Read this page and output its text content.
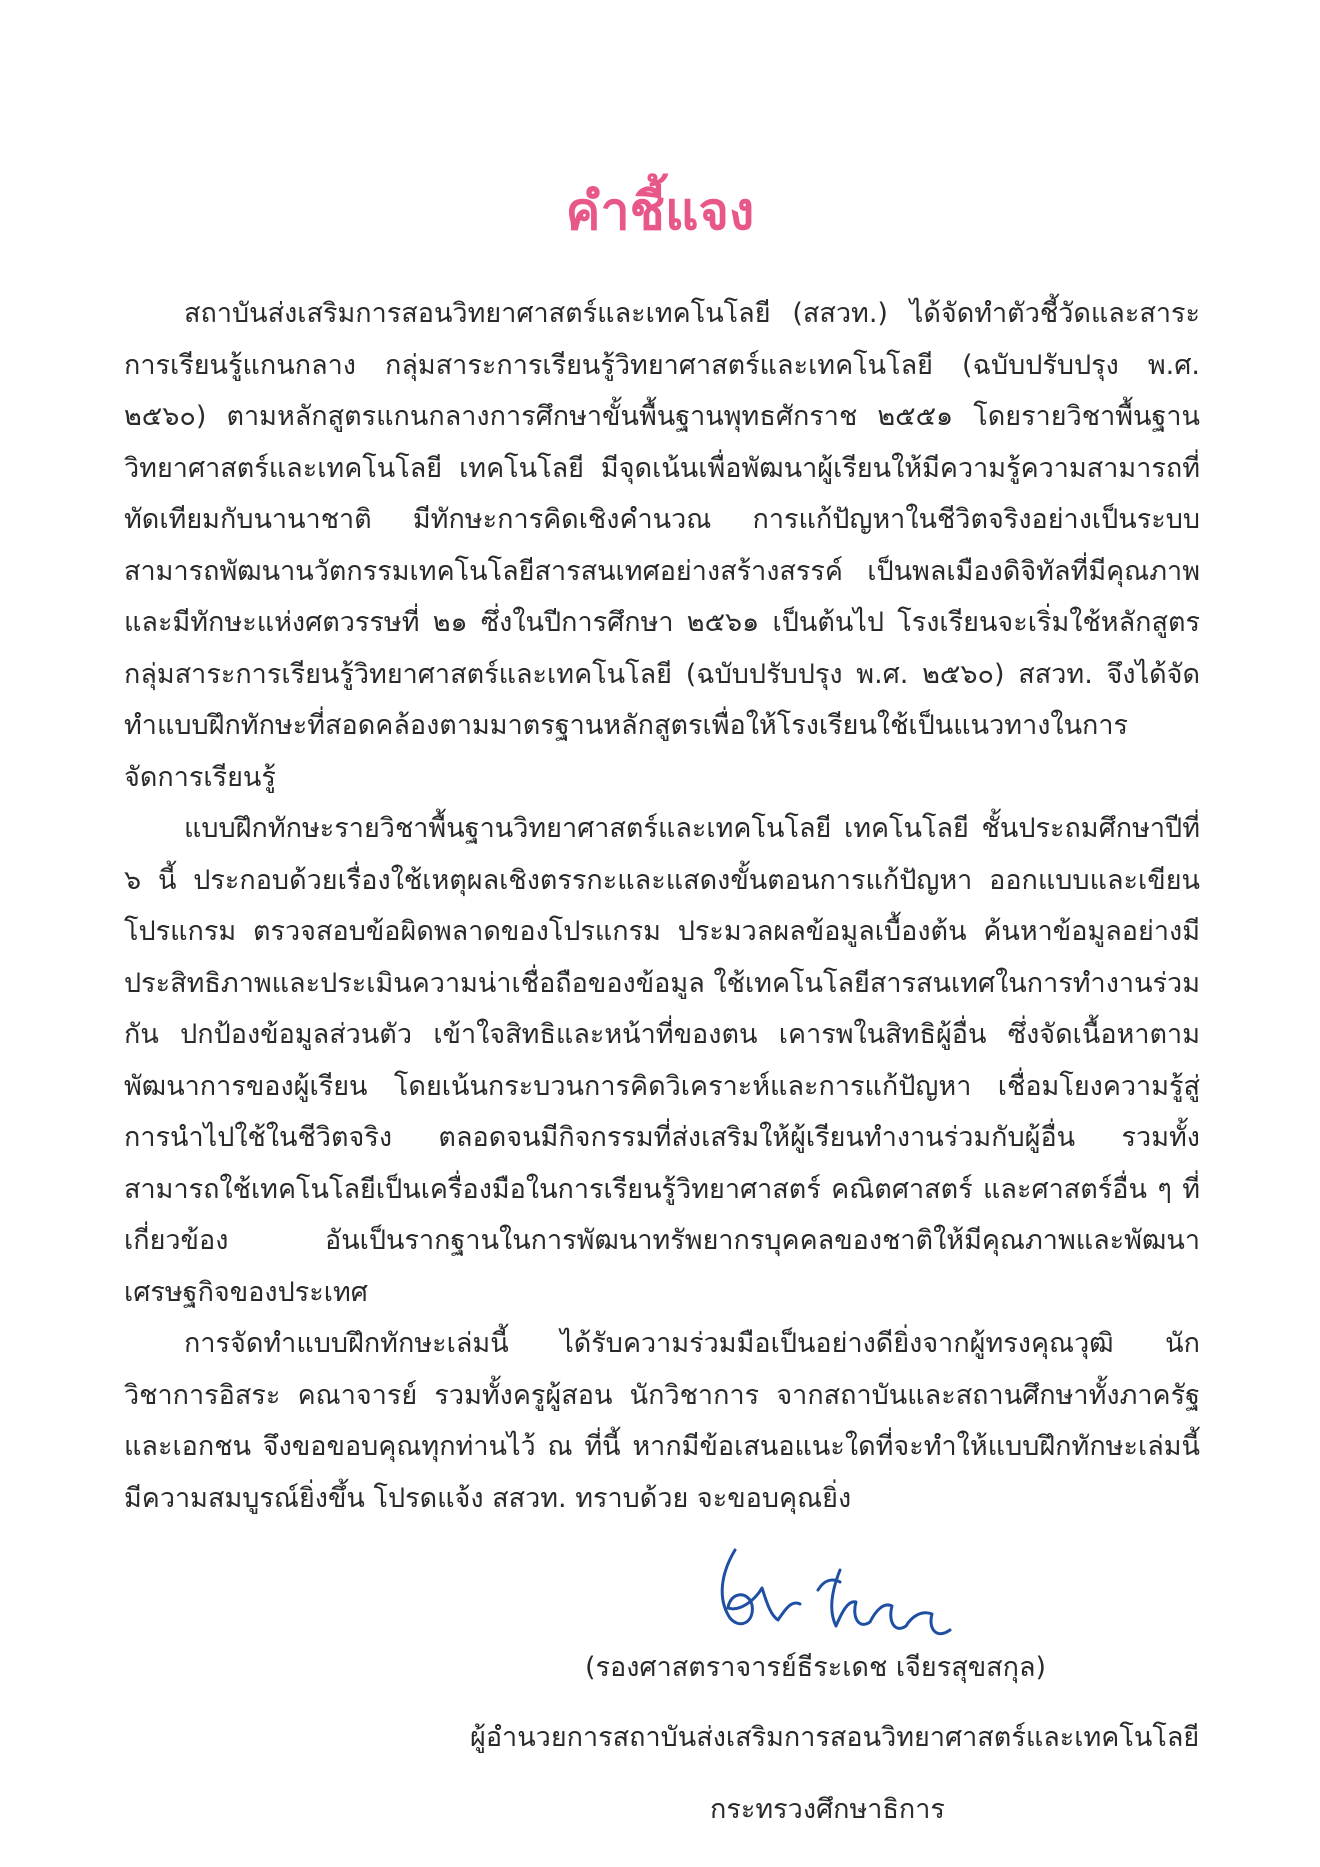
คำชี้แจง

สถาบันส่งเสริมการสอนวิทยาศาสตร์และเทคโนโลยี (สสวท.) ได้จัดทำตัวชี้วัดและสาระการเรียนรู้แกนกลาง กลุ่มสาระการเรียนรู้วิทยาศาสตร์และเทคโนโลยี (ฉบับปรับปรุง พ.ศ. ๒๕๖๐) ตามหลักสูตรแกนกลางการศึกษาขั้นพื้นฐานพุทธศักราช ๒๕๕๑ โดยรายวิชาพื้นฐานวิทยาศาสตร์และเทคโนโลยี เทคโนโลยี มีจุดเน้นเพื่อพัฒนาผู้เรียนให้มีความรู้ความสามารถที่ทัดเทียมกับนานาชาติ มีทักษะการคิดเชิงคำนวณ การแก้ปัญหาในชีวิตจริงอย่างเป็นระบบ สามารถพัฒนานวัตกรรมเทคโนโลยีสารสนเทศอย่างสร้างสรรค์ เป็นพลเมืองดิจิทัลที่มีคุณภาพและมีทักษะแห่งศตวรรษที่ ๒๑ ซึ่งในปีการศึกษา ๒๕๖๑ เป็นต้นไป โรงเรียนจะเริ่มใช้หลักสูตรกลุ่มสาระการเรียนรู้วิทยาศาสตร์และเทคโนโลยี (ฉบับปรับปรุง พ.ศ. ๒๕๖๐) สสวท. จึงได้จัดทำแบบฝึกทักษะที่สอดคล้องตามมาตรฐานหลักสูตรเพื่อให้โรงเรียนใช้เป็นแนวทางในการจัดการเรียนรู้

แบบฝึกทักษะรายวิชาพื้นฐานวิทยาศาสตร์และเทคโนโลยี เทคโนโลยี ชั้นประถมศึกษาปีที่ ๖ นี้ ประกอบด้วยเรื่องใช้เหตุผลเชิงตรรกะและแสดงขั้นตอนการแก้ปัญหา ออกแบบและเขียนโปรแกรม ตรวจสอบข้อผิดพลาดของโปรแกรม ประมวลผลข้อมูลเบื้องต้น ค้นหาข้อมูลอย่างมีประสิทธิภาพและประเมินความน่าเชื่อถือของข้อมูล ใช้เทคโนโลยีสารสนเทศในการทำงานร่วมกัน ปกป้องข้อมูลส่วนตัว เข้าใจสิทธิและหน้าที่ของตน เคารพในสิทธิผู้อื่น ซึ่งจัดเนื้อหาตามพัฒนาการของผู้เรียน โดยเน้นกระบวนการคิดวิเคราะห์และการแก้ปัญหา เชื่อมโยงความรู้สู่การนำไปใช้ในชีวิตจริง ตลอดจนมีกิจกรรมที่ส่งเสริมให้ผู้เรียนทำงานร่วมกับผู้อื่น รวมทั้งสามารถใช้เทคโนโลยีเป็นเครื่องมือในการเรียนรู้วิทยาศาสตร์ คณิตศาสตร์ และศาสตร์อื่น ๆ ที่เกี่ยวข้อง อันเป็นรากฐานในการพัฒนาทรัพยากรบุคคลของชาติให้มีคุณภาพและพัฒนาเศรษฐกิจของประเทศ

การจัดทำแบบฝึกทักษะเล่มนี้ ได้รับความร่วมมือเป็นอย่างดียิ่งจากผู้ทรงคุณวุฒิ นักวิชาการอิสระ คณาจารย์ รวมทั้งครูผู้สอน นักวิชาการ จากสถาบันและสถานศึกษาทั้งภาครัฐและเอกชน จึงขอขอบคุณทุกท่านไว้ ณ ที่นี้ หากมีข้อเสนอแนะใดที่จะทำให้แบบฝึกทักษะเล่มนี้มีความสมบูรณ์ยิ่งขึ้น โปรดแจ้ง สสวท. ทราบด้วย จะขอบคุณยิ่ง

(รองศาสตราจารย์ธีระเดช เจียรสุขสกุล)

ผู้อำนวยการสถาบันส่งเสริมการสอนวิทยาศาสตร์และเทคโนโลยี

กระทรวงศึกษาธิการ
